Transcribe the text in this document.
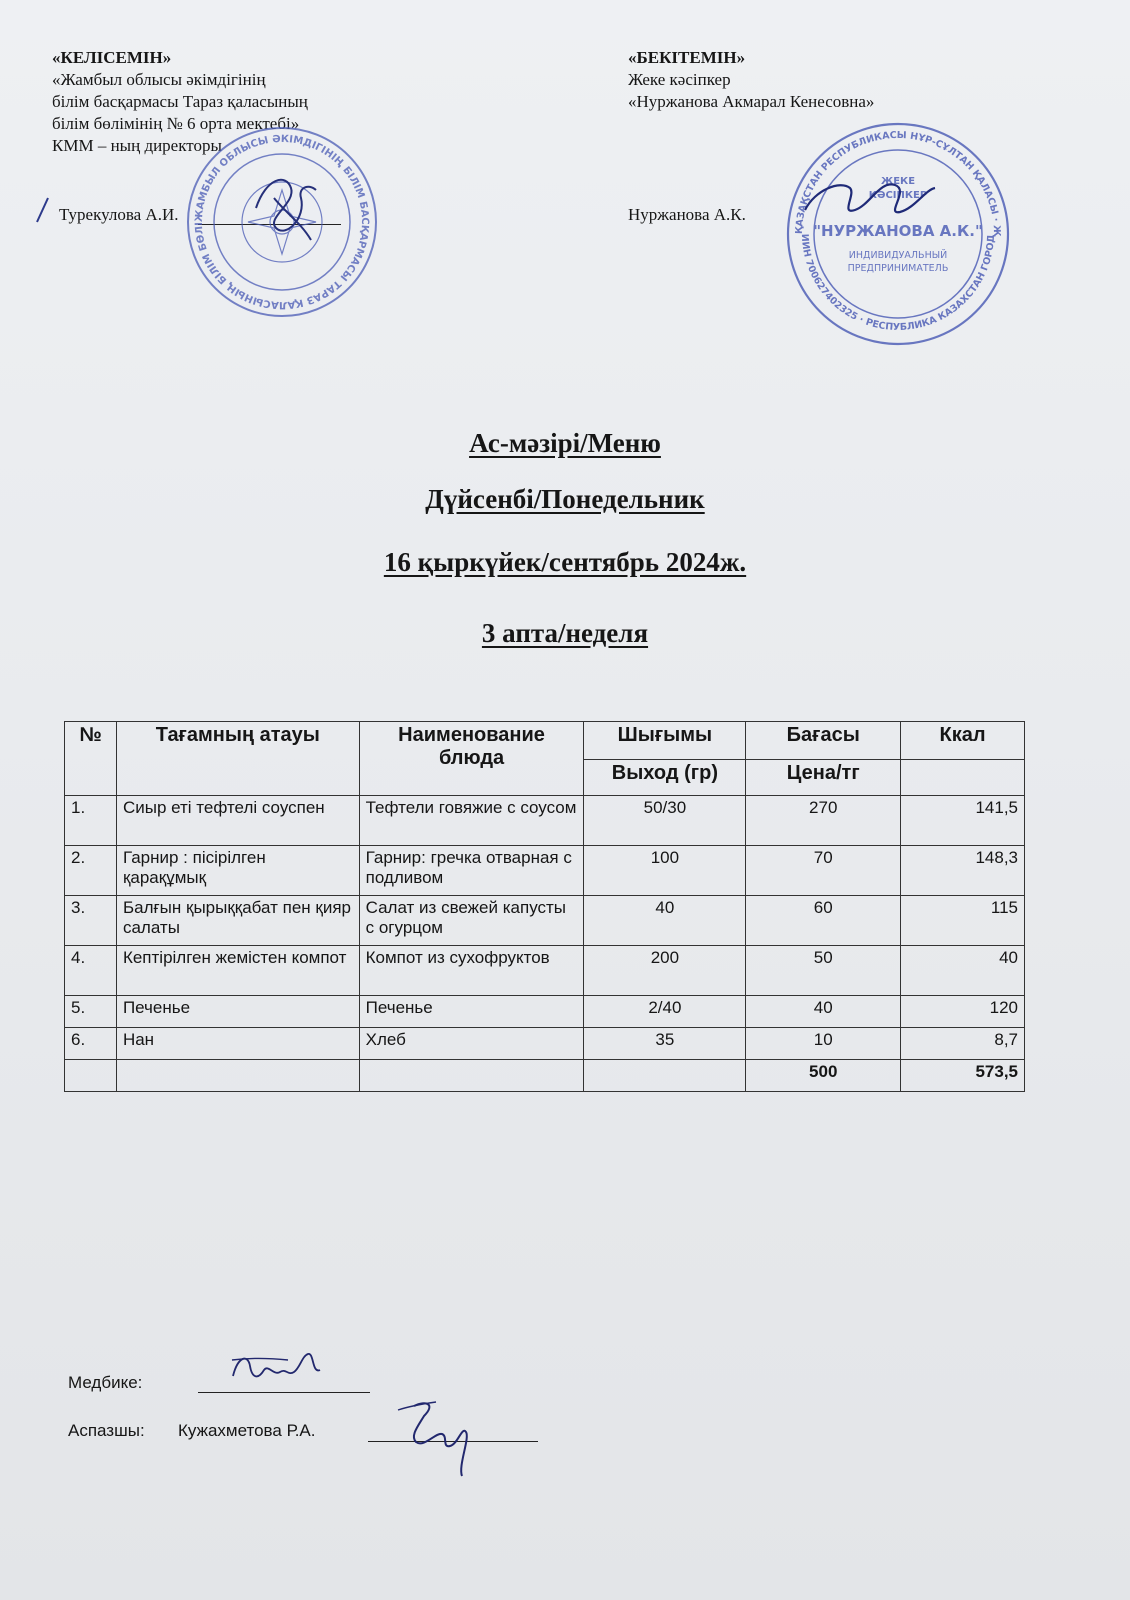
«КЕЛІСЕМІН»
«Жамбыл облысы әкімдігінің
білім басқармасы Тараз қаласының
білім бөлімінің № 6 орта мектебі»
КММ – ның директоры
Турекулова А.И.	ЖАМБЫЛ ОБЛЫСЫ ӘКІМДІГІНІҢ БІЛІМ БАСҚАРМАСЫ ТАРАЗ ҚАЛАСЫНЫҢ БІЛІМ БӨЛІ
«БЕКІТЕМІН»
Жеке кәсіпкер
«Нуржанова Акмарал Кенесовна»
Нуржанова А.К.
ҚАЗАҚСТАН РЕСПУБЛИКАСЫ НҰР-СҰЛТАН ҚАЛАСЫ · Ж
ИИН 700627402325 · РЕСПУБЛИКА КАЗАХСТАН ГОРОД
ЖЕКЕ
КӘСІПКЕР
"НУРЖАНОВА А.К."
ИНДИВИДУАЛЬНЫЙ
ПРЕДПРИНИМАТЕЛЬ
Ас-мәзірі/Меню
Дүйсенбі/Понедельник
16 қыркүйек/сентябрь 2024ж.
3 апта/неделя
№	Тағамның атауы	Наименование блюда	Шығымы	Бағасы	Ккал
			Выход (гр)	Цена/тг	
1.	Сиыр еті тефтелі соуспен	Тефтели говяжие с соусом	50/30	270	141,5
2.	Гарнир : пісірілген қарақұмық	Гарнир: гречка отварная с подливом	100	70	148,3
3.	Балғын қырыққабат пен қияр салаты	Салат из свежей капусты с огурцом	40	60	115
4.	Кептірілген жемістен компот	Компот из сухофруктов	200	50	40
5.	Печенье	Печенье	2/40	40	120
6.	Нан	Хлеб	35	10	8,7
				500	573,5
Медбике:
Аспазшы: Кужахметова Р.А.
